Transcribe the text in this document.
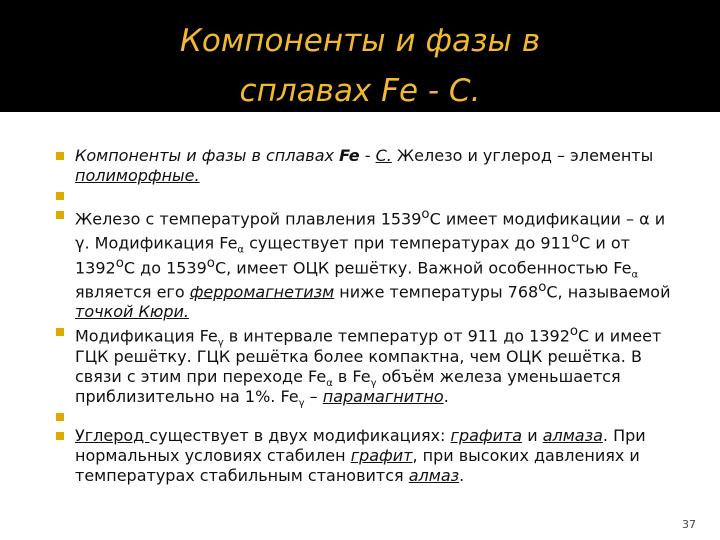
Компоненты и фазы в
сплавах Fe - C.

Компоненты и фазы в сплавах Fe - С. Железо и углерод – элементы полиморфные.

Железо с температурой плавления $1539^оС$ имеет модификации – α и γ. Модификация $Fe_\alpha$ существует при температурах до $911^оС$ и от $1392^оС$ до $1539^оС$, имеет ОЦК решётку. Важной особенностью $Fe_\alpha$ является его ферромагнетизм ниже температуры $768^оС$, называемой точкой Кюри.

Модификация $Fe_\gamma$ в интервале температур от 911 до $1392^оС$ и имеет ГЦК решётку. ГЦК решётка более компактна, чем ОЦК решётка. В связи с этим при переходе $Fe_\alpha$ в $Fe_\gamma$ объём железа уменьшается приблизительно на 1%. $Fe_\gamma$ – парамагнитно.

Углерод существует в двух модификациях: графита и алмаза. При нормальных условиях стабилен графит, при высоких давлениях и температурах стабильным становится алмаз.

37
